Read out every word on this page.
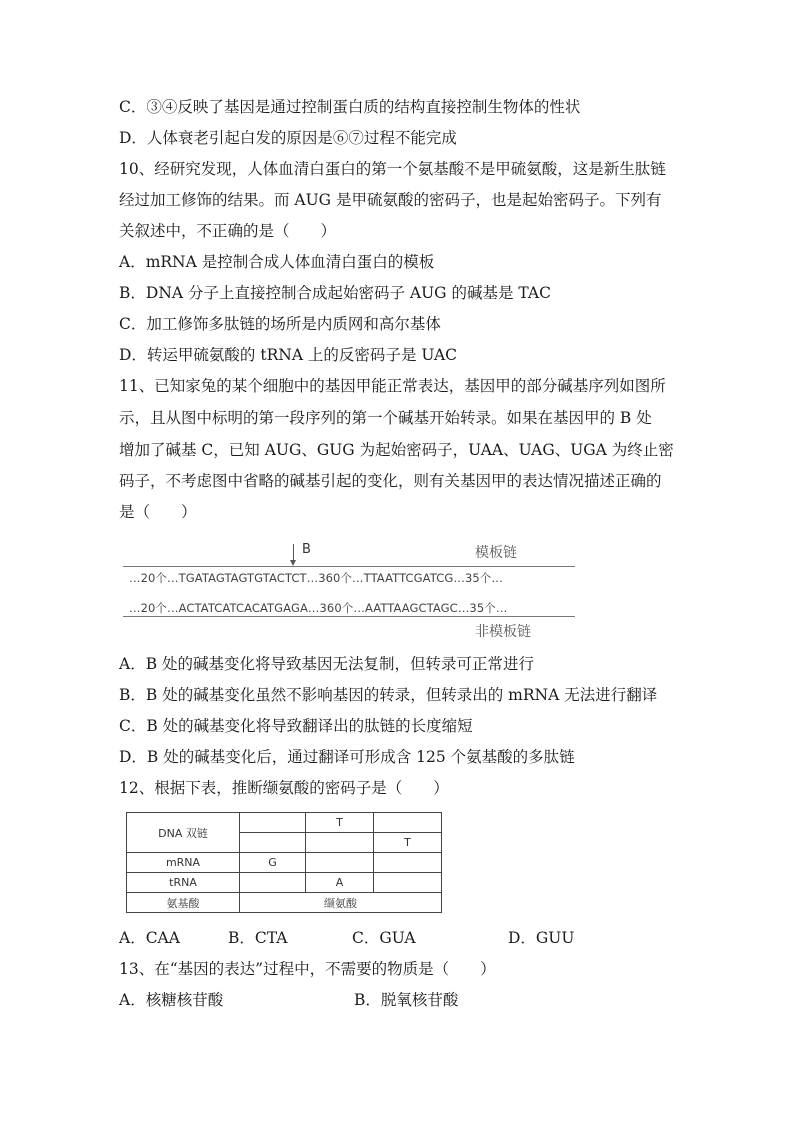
C．③④反映了基因是通过控制蛋白质的结构直接控制生物体的性状
D．人体衰老引起白发的原因是⑥⑦过程不能完成
10、经研究发现，人体血清白蛋白的第一个氨基酸不是甲硫氨酸，这是新生肽链
经过加工修饰的结果。而 AUG 是甲硫氨酸的密码子，也是起始密码子。下列有
关叙述中，不正确的是（　　）
A．mRNA 是控制合成人体血清白蛋白的模板
B．DNA 分子上直接控制合成起始密码子 AUG 的碱基是 TAC
C．加工修饰多肽链的场所是内质网和高尔基体
D．转运甲硫氨酸的 tRNA 上的反密码子是 UAC
11、已知家兔的某个细胞中的基因甲能正常表达，基因甲的部分碱基序列如图所
示，且从图中标明的第一段序列的第一个碱基开始转录。如果在基因甲的 B 处
增加了碱基 C，已知 AUG、GUG 为起始密码子，UAA、UAG、UGA 为终止密
码子，不考虑图中省略的碱基引起的变化，则有关基因甲的表达情况描述正确的
是（　　）
B	模板链
…20个…TGATAGTAGTGTACTCT…360个…TTAATTCGATCG…35个…
…20个…ACTATCATCACATGAGA…360个…AATTAAGCTAGC…35个…
非模板链
A．B 处的碱基变化将导致基因无法复制，但转录可正常进行
B．B 处的碱基变化虽然不影响基因的转录，但转录出的 mRNA 无法进行翻译
C．B 处的碱基变化将导致翻译出的肽链的长度缩短
D．B 处的碱基变化后，通过翻译可形成含 125 个氨基酸的多肽链
12、根据下表，推断缬氨酸的密码子是（　　）
DNA 双链		T	
			T
mRNA	G		
tRNA		A	
氨基酸	缬氨酸		
A．CAA	B．CTA	C．GUA	D．GUU
13、在“基因的表达”过程中，不需要的物质是（　　）
A．核糖核苷酸	B．脱氧核苷酸
